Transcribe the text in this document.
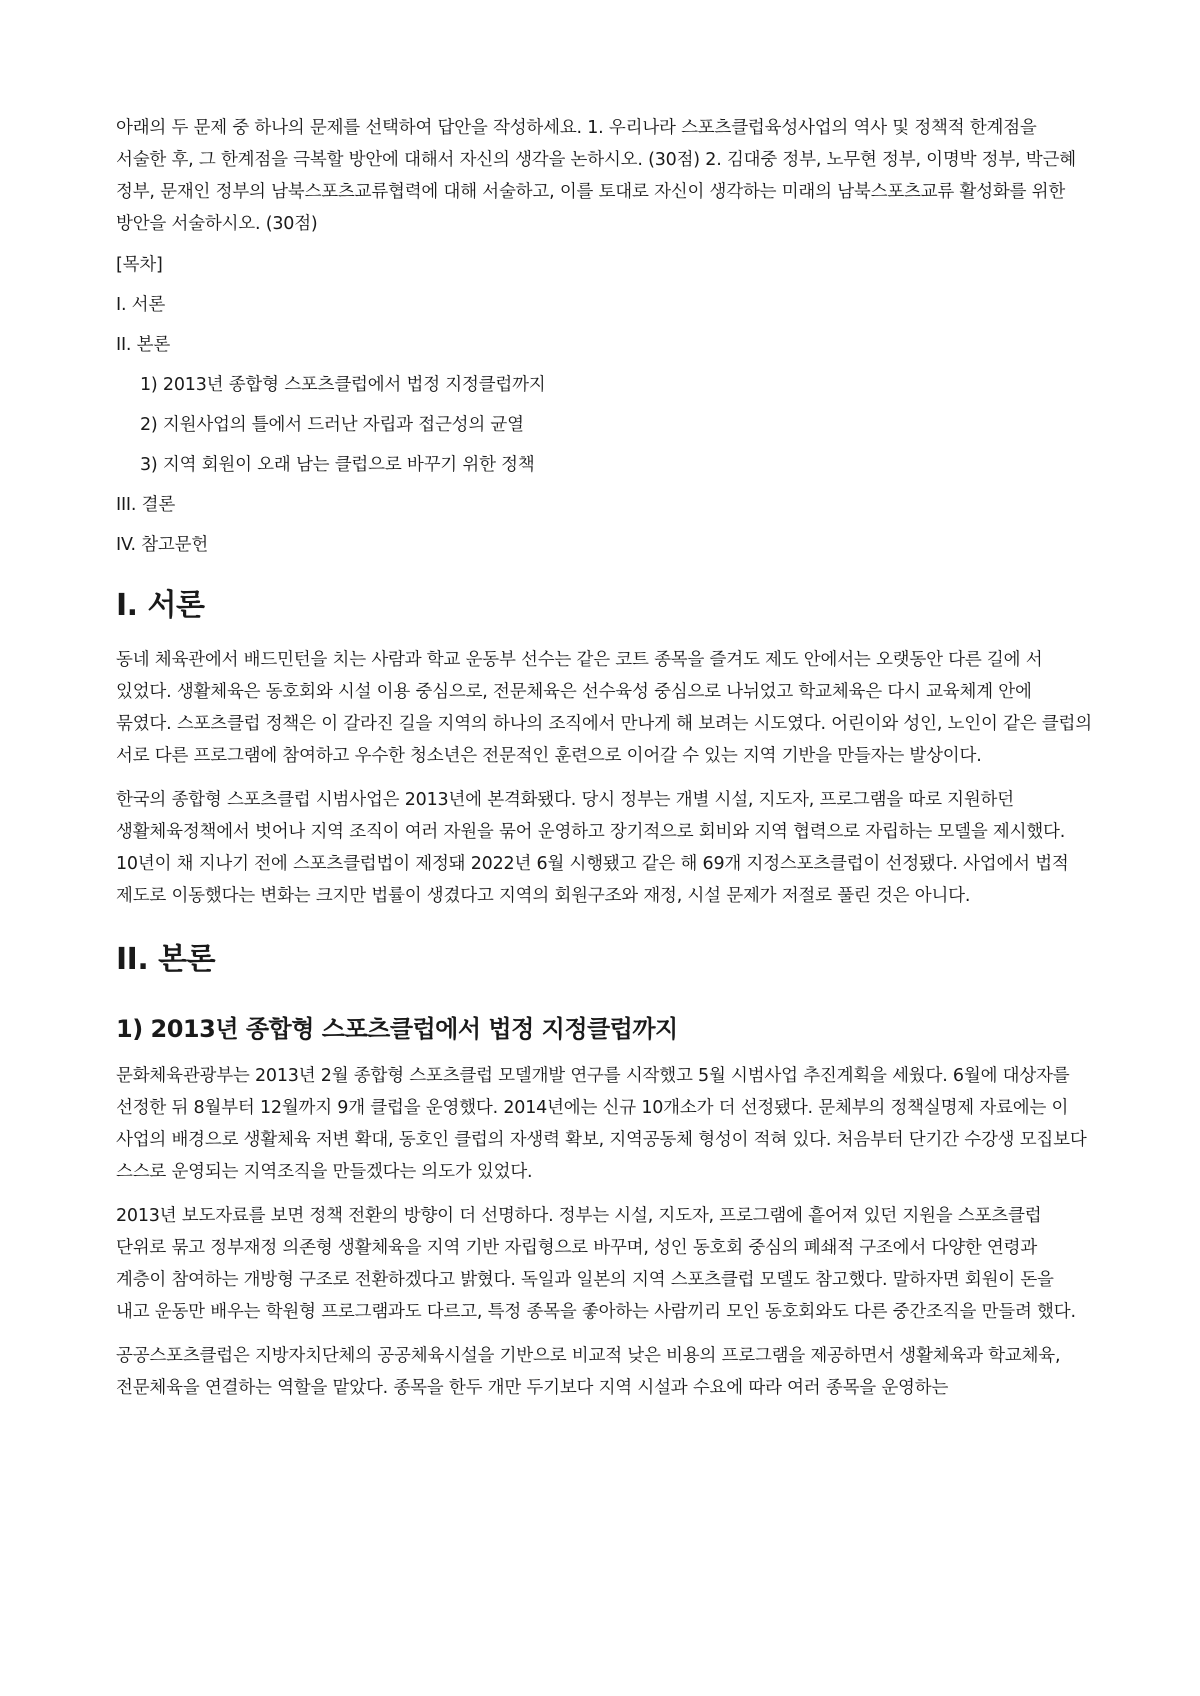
아래의 두 문제 중 하나의 문제를 선택하여 답안을 작성하세요. 1. 우리나라 스포츠클럽육성사업의 역사 및 정책적 한계점을 서술한 후, 그 한계점을 극복할 방안에 대해서 자신의 생각을 논하시오. (30점) 2. 김대중 정부, 노무현 정부, 이명박 정부, 박근혜 정부, 문재인 정부의 남북스포츠교류협력에 대해 서술하고, 이를 토대로 자신이 생각하는 미래의 남북스포츠교류 활성화를 위한 방안을 서술하시오. (30점)

[목차]
I. 서론
II. 본론
1) 2013년 종합형 스포츠클럽에서 법정 지정클럽까지
2) 지원사업의 틀에서 드러난 자립과 접근성의 균열
3) 지역 회원이 오래 남는 클럽으로 바꾸기 위한 정책
III. 결론
IV. 참고문헌
I. 서론

동네 체육관에서 배드민턴을 치는 사람과 학교 운동부 선수는 같은 코트 종목을 즐겨도 제도 안에서는 오랫동안 다른 길에 서 있었다. 생활체육은 동호회와 시설 이용 중심으로, 전문체육은 선수육성 중심으로 나뉘었고 학교체육은 다시 교육체계 안에 묶였다. 스포츠클럽 정책은 이 갈라진 길을 지역의 하나의 조직에서 만나게 해 보려는 시도였다. 어린이와 성인, 노인이 같은 클럽의 서로 다른 프로그램에 참여하고 우수한 청소년은 전문적인 훈련으로 이어갈 수 있는 지역 기반을 만들자는 발상이다.

한국의 종합형 스포츠클럽 시범사업은 2013년에 본격화됐다. 당시 정부는 개별 시설, 지도자, 프로그램을 따로 지원하던 생활체육정책에서 벗어나 지역 조직이 여러 자원을 묶어 운영하고 장기적으로 회비와 지역 협력으로 자립하는 모델을 제시했다. 10년이 채 지나기 전에 스포츠클럽법이 제정돼 2022년 6월 시행됐고 같은 해 69개 지정스포츠클럽이 선정됐다. 사업에서 법적 제도로 이동했다는 변화는 크지만 법률이 생겼다고 지역의 회원구조와 재정, 시설 문제가 저절로 풀린 것은 아니다.

II. 본론
1) 2013년 종합형 스포츠클럽에서 법정 지정클럽까지

문화체육관광부는 2013년 2월 종합형 스포츠클럽 모델개발 연구를 시작했고 5월 시범사업 추진계획을 세웠다. 6월에 대상자를 선정한 뒤 8월부터 12월까지 9개 클럽을 운영했다. 2014년에는 신규 10개소가 더 선정됐다. 문체부의 정책실명제 자료에는 이 사업의 배경으로 생활체육 저변 확대, 동호인 클럽의 자생력 확보, 지역공동체 형성이 적혀 있다. 처음부터 단기간 수강생 모집보다 스스로 운영되는 지역조직을 만들겠다는 의도가 있었다.

2013년 보도자료를 보면 정책 전환의 방향이 더 선명하다. 정부는 시설, 지도자, 프로그램에 흩어져 있던 지원을 스포츠클럽 단위로 묶고 정부재정 의존형 생활체육을 지역 기반 자립형으로 바꾸며, 성인 동호회 중심의 폐쇄적 구조에서 다양한 연령과 계층이 참여하는 개방형 구조로 전환하겠다고 밝혔다. 독일과 일본의 지역 스포츠클럽 모델도 참고했다. 말하자면 회원이 돈을 내고 운동만 배우는 학원형 프로그램과도 다르고, 특정 종목을 좋아하는 사람끼리 모인 동호회와도 다른 중간조직을 만들려 했다.

공공스포츠클럽은 지방자치단체의 공공체육시설을 기반으로 비교적 낮은 비용의 프로그램을 제공하면서 생활체육과 학교체육, 전문체육을 연결하는 역할을 맡았다. 종목을 한두 개만 두기보다 지역 시설과 수요에 따라 여러 종목을 운영하는
